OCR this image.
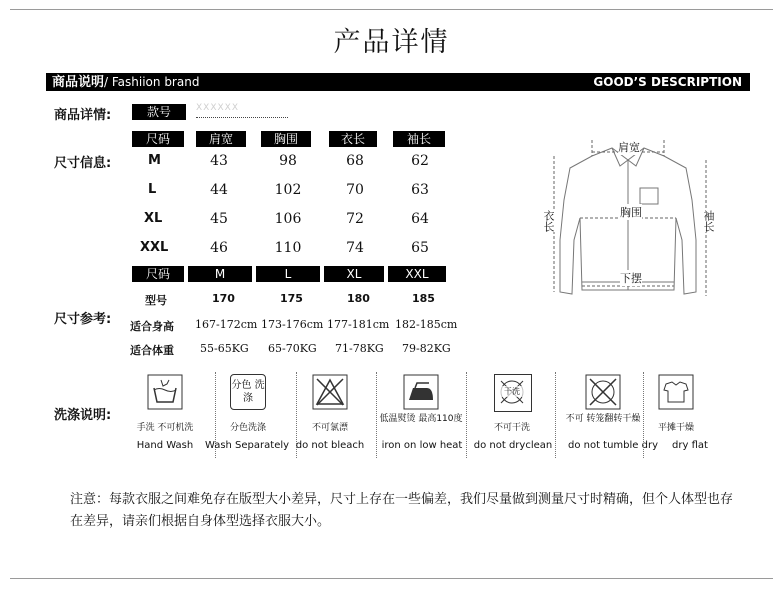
产品详情
商品说明/ Fashiion brand	GOOD’S DESCRIPTION
商品详情:	款号	XXXXXX
尺寸信息:
尺码	肩宽	胸围	衣长	袖长
M	43	98	68	62
L	44	102	70	63
XL	45	106	72	64
XXL	46	110	74	65
尺码	M	L	XL	XXL
尺寸参考:
型号	170	175	180	185
适合身高 167-172cm 173-176cm 177-181cm 182-185cm
适合体重 55-65KG 65-70KG 71-78KG 79-82KG
肩宽
胸围
下摆
衣长	袖长
洗涤说明:
手洗 不可机洗
Hand Wash
分色 洗涤
分色洗涤
Wash Separately
不可氯漂
do not bleach
低温熨烫 最高110度
iron on low heat
干洗
不可干洗
do not dryclean
不可 转笼翻转干燥
do not tumble dry
平摊干燥
dry flat
注意：每款衣服之间难免存在版型大小差异，尺寸上存在一些偏差，我们尽量做到测量尺寸时精确，但个人体型也存在差异，请亲们根据自身体型选择衣服大小。
